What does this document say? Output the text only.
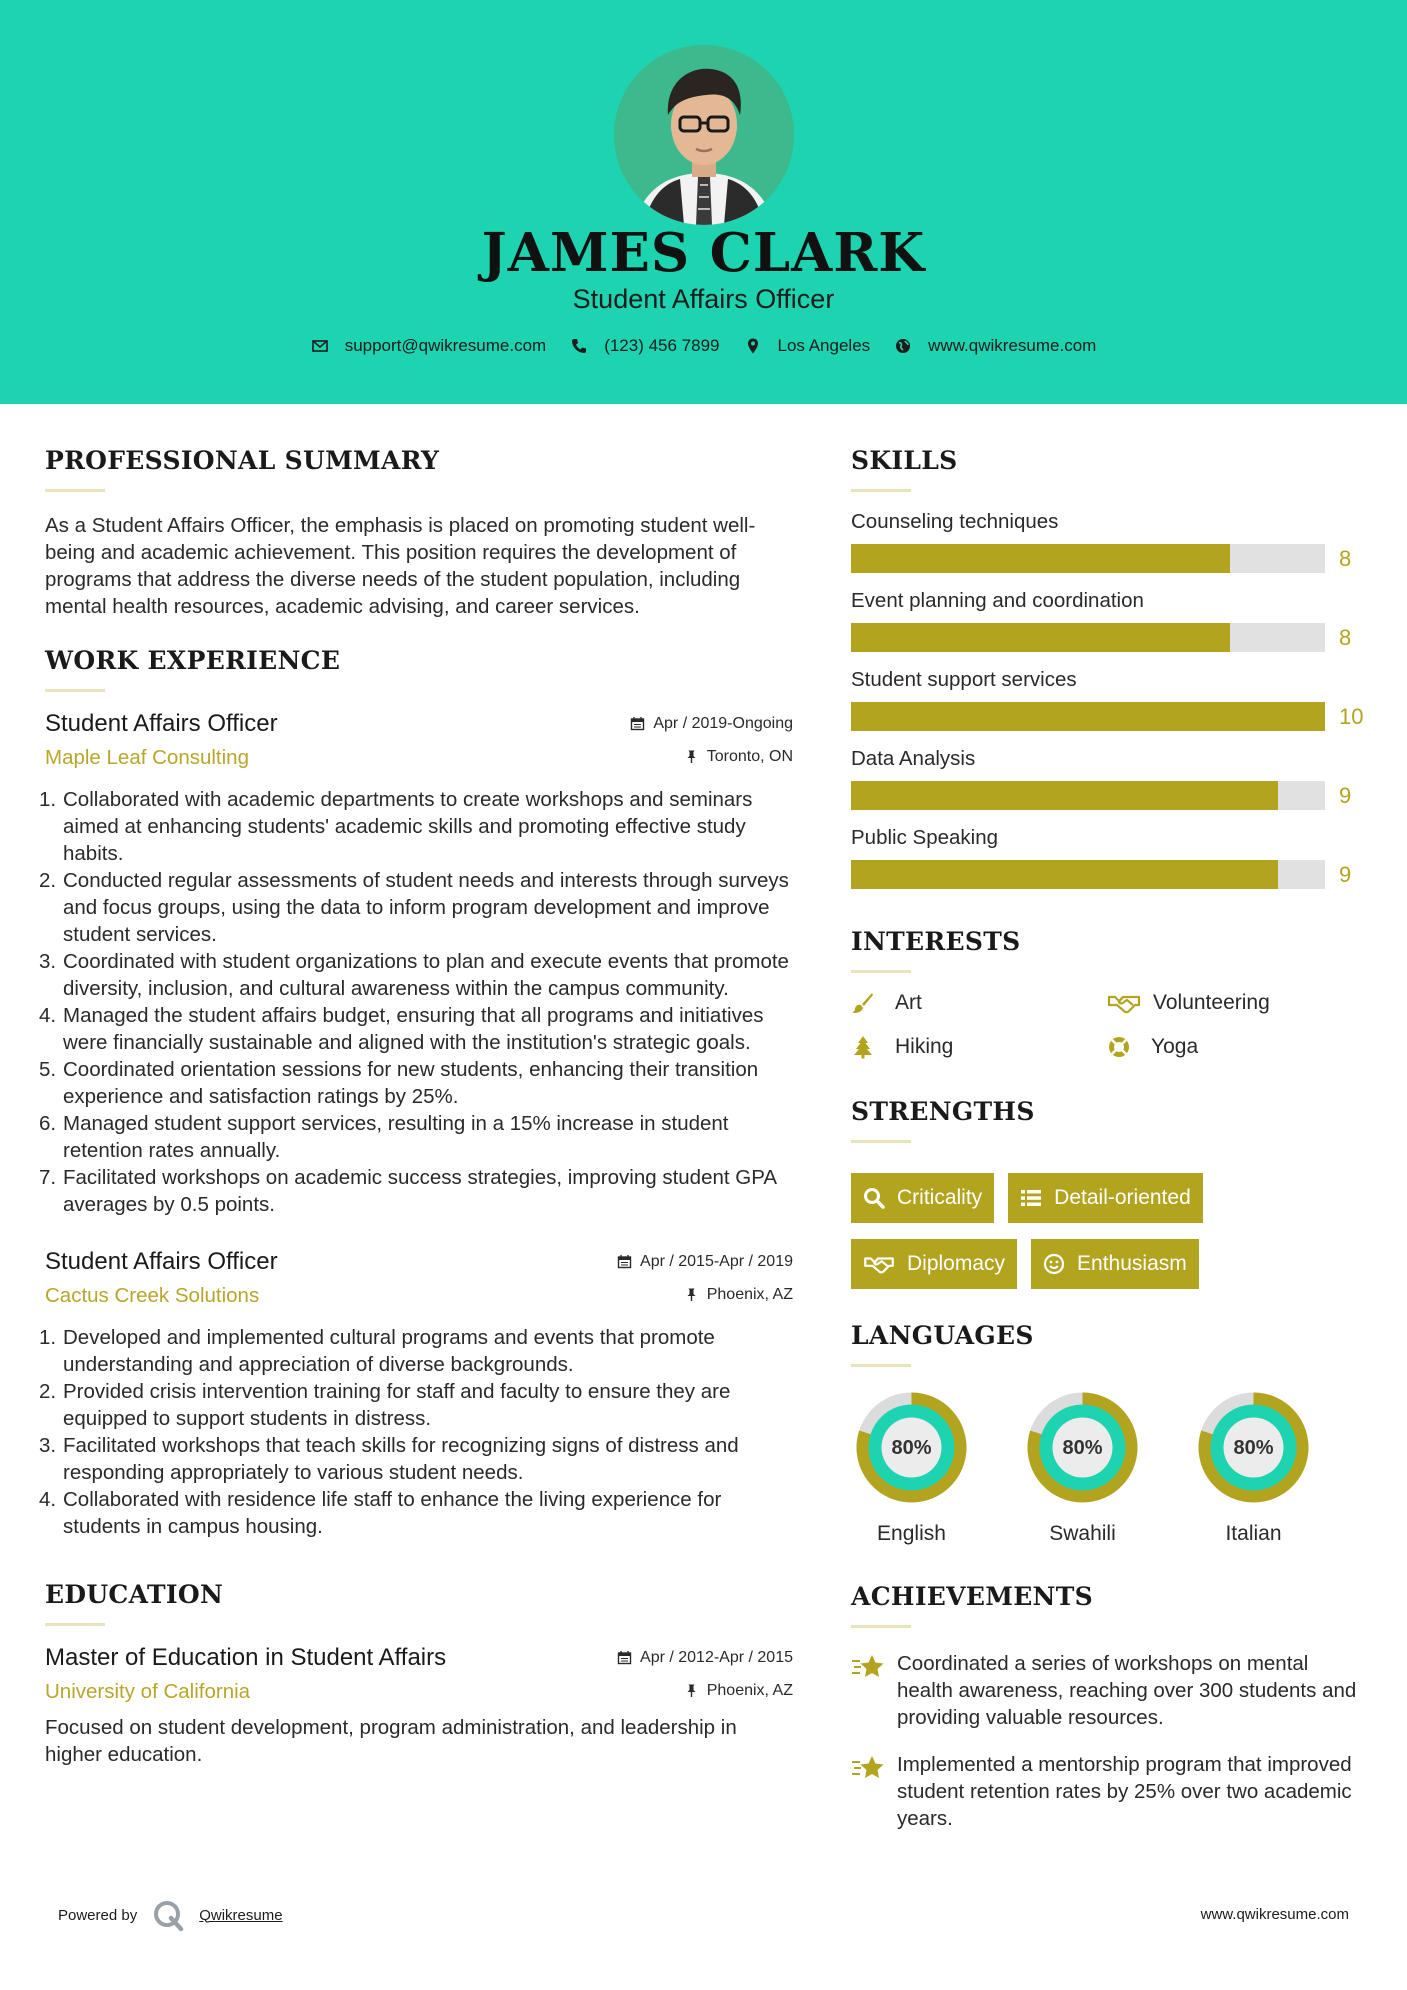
JAMES CLARK
Student Affairs Officer
support@qwikresume.com	(123) 456 7899	Los Angeles	www.qwikresume.com
PROFESSIONAL SUMMARY
As a Student Affairs Officer, the emphasis is placed on promoting student well-being and academic achievement. This position requires the development of programs that address the diverse needs of the student population, including mental health resources, academic advising, and career services.
WORK EXPERIENCE
Student Affairs Officer	Apr / 2019-Ongoing
Maple Leaf Consulting	Toronto, ON
1. Collaborated with academic departments to create workshops and seminars aimed at enhancing students' academic skills and promoting effective study habits.
2. Conducted regular assessments of student needs and interests through surveys and focus groups, using the data to inform program development and improve student services.
3. Coordinated with student organizations to plan and execute events that promote diversity, inclusion, and cultural awareness within the campus community.
4. Managed the student affairs budget, ensuring that all programs and initiatives were financially sustainable and aligned with the institution's strategic goals.
5. Coordinated orientation sessions for new students, enhancing their transition experience and satisfaction ratings by 25%.
6. Managed student support services, resulting in a 15% increase in student retention rates annually.
7. Facilitated workshops on academic success strategies, improving student GPA averages by 0.5 points.
Student Affairs Officer	Apr / 2015-Apr / 2019
Cactus Creek Solutions	Phoenix, AZ
1. Developed and implemented cultural programs and events that promote understanding and appreciation of diverse backgrounds.
2. Provided crisis intervention training for staff and faculty to ensure they are equipped to support students in distress.
3. Facilitated workshops that teach skills for recognizing signs of distress and responding appropriately to various student needs.
4. Collaborated with residence life staff to enhance the living experience for students in campus housing.
EDUCATION
Master of Education in Student Affairs	Apr / 2012-Apr / 2015
University of California	Phoenix, AZ
Focused on student development, program administration, and leadership in higher education.
SKILLS
Counseling techniques
8
Event planning and coordination
8
Student support services
10
Data Analysis
9
Public Speaking
9
INTERESTS
Art	Volunteering
Hiking	Yoga
STRENGTHS
Criticality	Detail-oriented
Diplomacy	Enthusiasm
LANGUAGES
80%
English
80%
Swahili
80%
Italian
ACHIEVEMENTS
Coordinated a series of workshops on mental health awareness, reaching over 300 students and providing valuable resources.
Implemented a mentorship program that improved student retention rates by 25% over two academic years.
Powered by	Qwikresume	www.qwikresume.com
